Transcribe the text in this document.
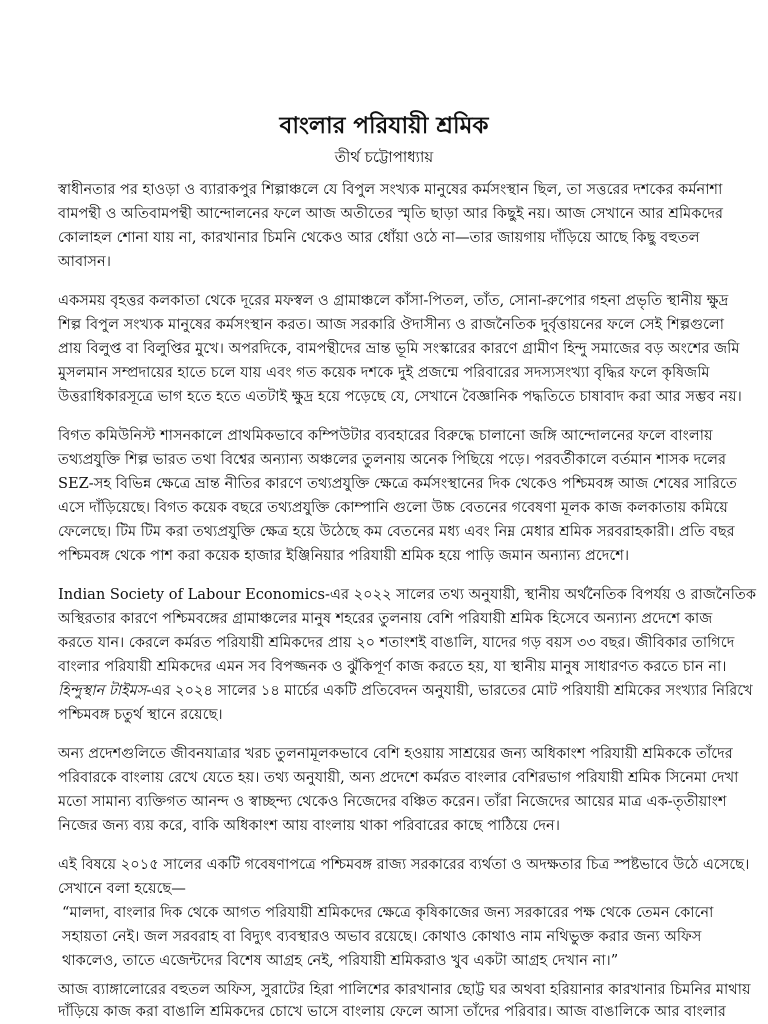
বাংলার পরিযায়ী শ্রমিক
তীর্থ চট্টোপাধ্যায়
স্বাধীনতার পর হাওড়া ও ব্যারাকপুর শিল্পাঞ্চলে যে বিপুল সংখ্যক মানুষের কর্মসংস্থান ছিল, তা সত্তরের দশকের কর্মনাশা
বামপন্থী ও অতিবামপন্থী আন্দোলনের ফলে আজ অতীতের স্মৃতি ছাড়া আর কিছুই নয়। আজ সেখানে আর শ্রমিকদের
কোলাহল শোনা যায় না, কারখানার চিমনি থেকেও আর ধোঁয়া ওঠে না—তার জায়গায় দাঁড়িয়ে আছে কিছু বহুতল
আবাসন।
একসময় বৃহত্তর কলকাতা থেকে দূরের মফস্বল ও গ্রামাঞ্চলে কাঁসা-পিতল, তাঁত, সোনা-রুপোর গহনা প্রভৃতি স্থানীয় ক্ষুদ্র
শিল্প বিপুল সংখ্যক মানুষের কর্মসংস্থান করত। আজ সরকারি ঔদাসীন্য ও রাজনৈতিক দুর্বৃত্তায়নের ফলে সেই শিল্পগুলো
প্রায় বিলুপ্ত বা বিলুপ্তির মুখে। অপরদিকে, বামপন্থীদের ভ্রান্ত ভূমি সংস্কারের কারণে গ্রামীণ হিন্দু সমাজের বড় অংশের জমি
মুসলমান সম্প্রদায়ের হাতে চলে যায় এবং গত কয়েক দশকে দুই প্রজন্মে পরিবারের সদস্যসংখ্যা বৃদ্ধির ফলে কৃষিজমি
উত্তরাধিকারসূত্রে ভাগ হতে হতে এতটাই ক্ষুদ্র হয়ে পড়েছে যে, সেখানে বৈজ্ঞানিক পদ্ধতিতে চাষাবাদ করা আর সম্ভব নয়।
বিগত কমিউনিস্ট শাসনকালে প্রাথমিকভাবে কম্পিউটার ব্যবহারের বিরুদ্ধে চালানো জঙ্গি আন্দোলনের ফলে বাংলায়
তথ্যপ্রযুক্তি শিল্প ভারত তথা বিশ্বের অন্যান্য অঞ্চলের তুলনায় অনেক পিছিয়ে পড়ে। পরবর্তীকালে বর্তমান শাসক দলের
SEZ-সহ বিভিন্ন ক্ষেত্রে ভ্রান্ত নীতির কারণে তথ্যপ্রযুক্তি ক্ষেত্রে কর্মসংস্থানের দিক থেকেও পশ্চিমবঙ্গ আজ শেষের সারিতে
এসে দাঁড়িয়েছে। বিগত কয়েক বছরে তথ্যপ্রযুক্তি কোম্পানি গুলো উচ্চ বেতনের গবেষণা মূলক কাজ কলকাতায় কমিয়ে
ফেলেছে। টিম টিম করা তথ্যপ্রযুক্তি ক্ষেত্র হয়ে উঠেছে কম বেতনের মধ্য এবং নিম্ন মেধার শ্রমিক সরবরাহকারী। প্রতি বছর
পশ্চিমবঙ্গ থেকে পাশ করা কয়েক হাজার ইঞ্জিনিয়ার পরিযায়ী শ্রমিক হয়ে পাড়ি জমান অন্যান্য প্রদেশে।
Indian Society of Labour Economics-এর ২০২২ সালের তথ্য অনুযায়ী, স্থানীয় অর্থনৈতিক বিপর্যয় ও রাজনৈতিক
অস্থিরতার কারণে পশ্চিমবঙ্গের গ্রামাঞ্চলের মানুষ শহরের তুলনায় বেশি পরিযায়ী শ্রমিক হিসেবে অন্যান্য প্রদেশে কাজ
করতে যান। কেরলে কর্মরত পরিযায়ী শ্রমিকদের প্রায় ২০ শতাংশই বাঙালি, যাদের গড় বয়স ৩৩ বছর। জীবিকার তাগিদে
বাংলার পরিযায়ী শ্রমিকদের এমন সব বিপজ্জনক ও ঝুঁকিপূর্ণ কাজ করতে হয়, যা স্থানীয় মানুষ সাধারণত করতে চান না।
হিন্দুস্থান টাইমস-এর ২০২৪ সালের ১৪ মার্চের একটি প্রতিবেদন অনুযায়ী, ভারতের মোট পরিযায়ী শ্রমিকের সংখ্যার নিরিখে
পশ্চিমবঙ্গ চতুর্থ স্থানে রয়েছে।
অন্য প্রদেশগুলিতে জীবনযাত্রার খরচ তুলনামূলকভাবে বেশি হওয়ায় সাশ্রয়ের জন্য অধিকাংশ পরিযায়ী শ্রমিককে তাঁদের
পরিবারকে বাংলায় রেখে যেতে হয়। তথ্য অনুযায়ী, অন্য প্রদেশে কর্মরত বাংলার বেশিরভাগ পরিযায়ী শ্রমিক সিনেমা দেখা
মতো সামান্য ব্যক্তিগত আনন্দ ও স্বাচ্ছন্দ্য থেকেও নিজেদের বঞ্চিত করেন। তাঁরা নিজেদের আয়ের মাত্র এক-তৃতীয়াংশ
নিজের জন্য ব্যয় করে, বাকি অধিকাংশ আয় বাংলায় থাকা পরিবারের কাছে পাঠিয়ে দেন।
এই বিষয়ে ২০১৫ সালের একটি গবেষণাপত্রে পশ্চিমবঙ্গ রাজ্য সরকারের ব্যর্থতা ও অদক্ষতার চিত্র স্পষ্টভাবে উঠে এসেছে।
সেখানে বলা হয়েছে—
“মালদা, বাংলার দিক থেকে আগত পরিযায়ী শ্রমিকদের ক্ষেত্রে কৃষিকাজের জন্য সরকারের পক্ষ থেকে তেমন কোনো
সহায়তা নেই। জল সরবরাহ বা বিদ্যুৎ ব্যবস্থারও অভাব রয়েছে। কোথাও কোথাও নাম নথিভুক্ত করার জন্য অফিস
থাকলেও, তাতে এজেন্টদের বিশেষ আগ্রহ নেই, পরিযায়ী শ্রমিকরাও খুব একটা আগ্রহ দেখান না।”
আজ ব্যাঙ্গালোরের বহুতল অফিস, সুরাটের হিরা পালিশের কারখানার ছোট্ট ঘর অথবা হরিয়ানার কারখানার চিমনির মাথায়
দাঁড়িয়ে কাজ করা বাঙালি শ্রমিকদের চোখে ভাসে বাংলায় ফেলে আসা তাঁদের পরিবার। আজ বাঙালিকে আর বাংলার
